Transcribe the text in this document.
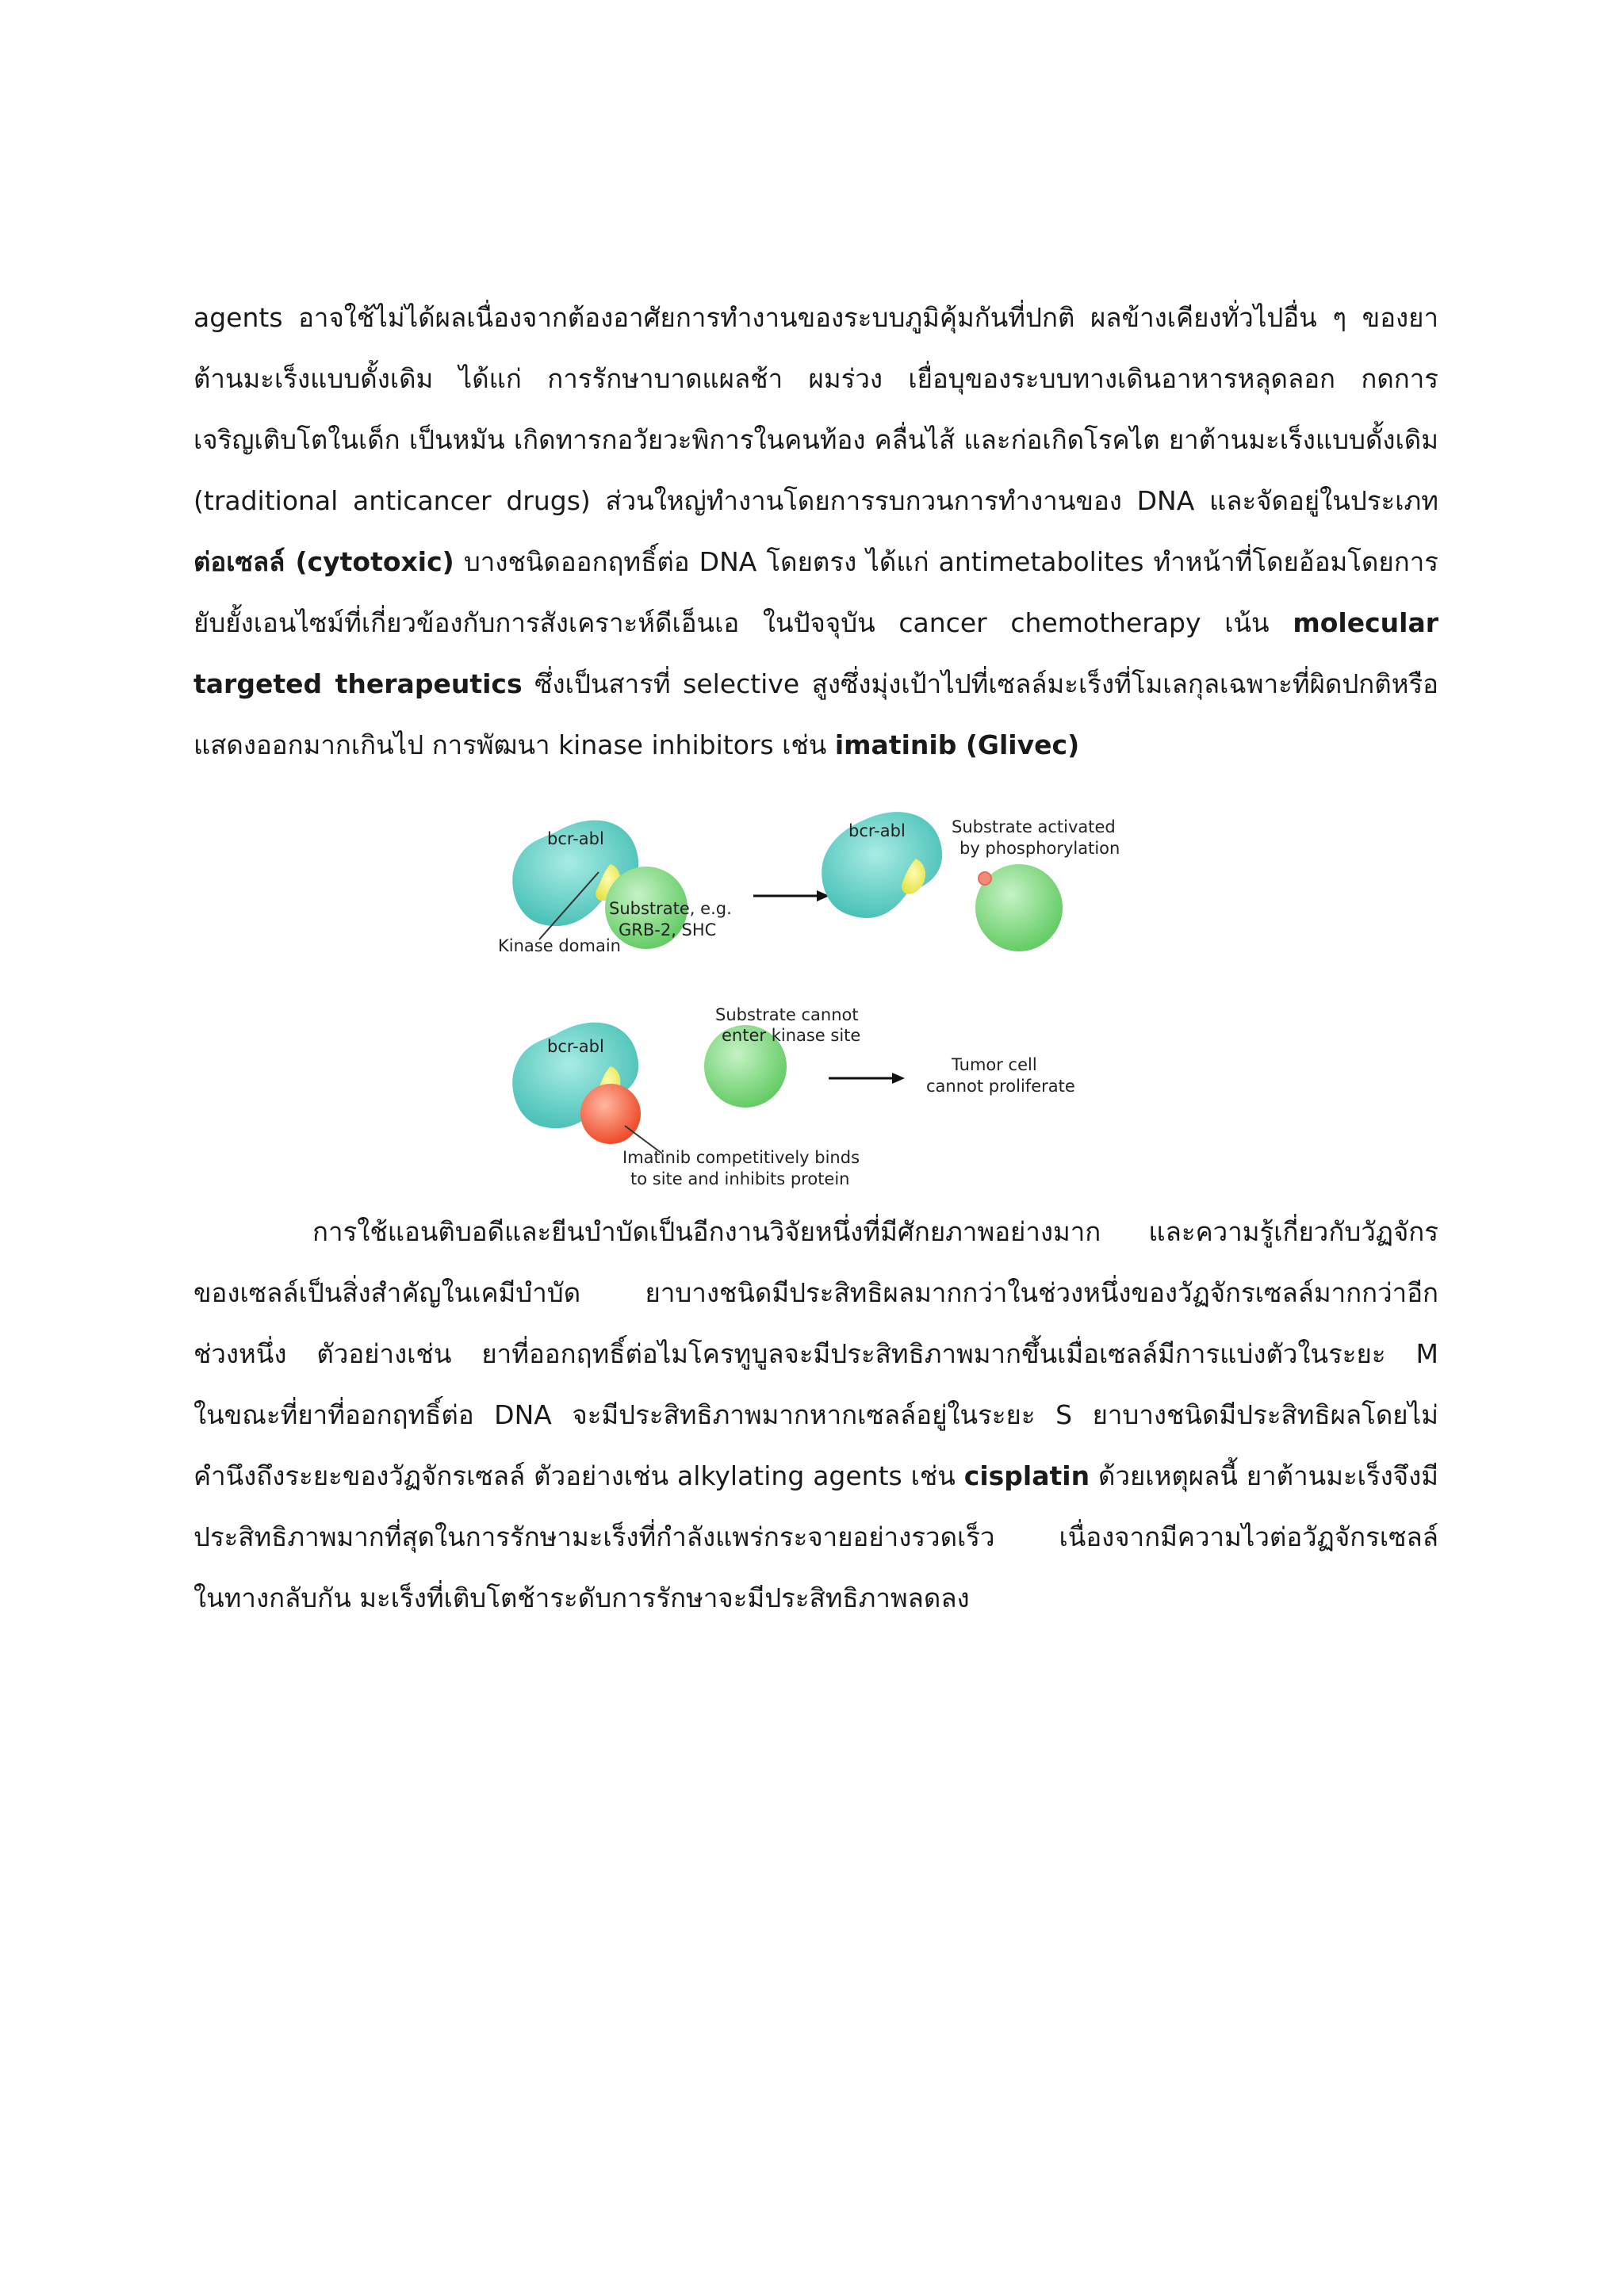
agents อาจใช้ไม่ได้ผลเนื่องจากต้องอาศัยการทำงานของระบบภูมิคุ้มกันที่ปกติ ผลข้างเคียงทั่วไปอื่น ๆ ของยา
ต้านมะเร็งแบบดั้งเดิม ได้แก่ การรักษาบาดแผลช้า ผมร่วง เยื่อบุของระบบทางเดินอาหารหลุดลอก กดการ
เจริญเติบโตในเด็ก เป็นหมัน เกิดทารกอวัยวะพิการในคนท้อง คลื่นไส้ และก่อเกิดโรคไต ยาต้านมะเร็งแบบดั้งเดิม
(traditional anticancer drugs) ส่วนใหญ่ทำงานโดยการรบกวนการทำงานของ DNA และจัดอยู่ในประเภท
ต่อเซลล์ (cytotoxic) บางชนิดออกฤทธิ์ต่อ DNA โดยตรง ได้แก่ antimetabolites ทำหน้าที่โดยอ้อมโดยการ
ยับยั้งเอนไซม์ที่เกี่ยวข้องกับการสังเคราะห์ดีเอ็นเอ ในปัจจุบัน cancer chemotherapy เน้น molecular
targeted therapeutics ซึ่งเป็นสารที่ selective สูงซึ่งมุ่งเป้าไปที่เซลล์มะเร็งที่โมเลกุลเฉพาะที่ผิดปกติหรือ
แสดงออกมากเกินไป การพัฒนา kinase inhibitors เช่น imatinib (Glivec)
bcr-abl
Substrate, e.g.
GRB-2, SHC
Kinase domain
bcr-abl	Substrate activated
by phosphorylation
bcr-abl
Imatinib competitively binds
to site and inhibits protein
Substrate cannot
enter kinase site
Tumor cell
cannot proliferate
การใช้แอนติบอดีและยีนบำบัดเป็นอีกงานวิจัยหนึ่งที่มีศักยภาพอย่างมาก และความรู้เกี่ยวกับวัฏจักร
ของเซลล์เป็นสิ่งสำคัญในเคมีบำบัด ยาบางชนิดมีประสิทธิผลมากกว่าในช่วงหนึ่งของวัฏจักรเซลล์มากกว่าอีก
ช่วงหนึ่ง ตัวอย่างเช่น ยาที่ออกฤทธิ์ต่อไมโครทูบูลจะมีประสิทธิภาพมากขึ้นเมื่อเซลล์มีการแบ่งตัวในระยะ M
ในขณะที่ยาที่ออกฤทธิ์ต่อ DNA จะมีประสิทธิภาพมากหากเซลล์อยู่ในระยะ S ยาบางชนิดมีประสิทธิผลโดยไม่
คำนึงถึงระยะของวัฏจักรเซลล์ ตัวอย่างเช่น alkylating agents เช่น cisplatin ด้วยเหตุผลนี้ ยาต้านมะเร็งจึงมี
ประสิทธิภาพมากที่สุดในการรักษามะเร็งที่กำลังแพร่กระจายอย่างรวดเร็ว เนื่องจากมีความไวต่อวัฏจักรเซลล์
ในทางกลับกัน มะเร็งที่เติบโตช้าระดับการรักษาจะมีประสิทธิภาพลดลง
